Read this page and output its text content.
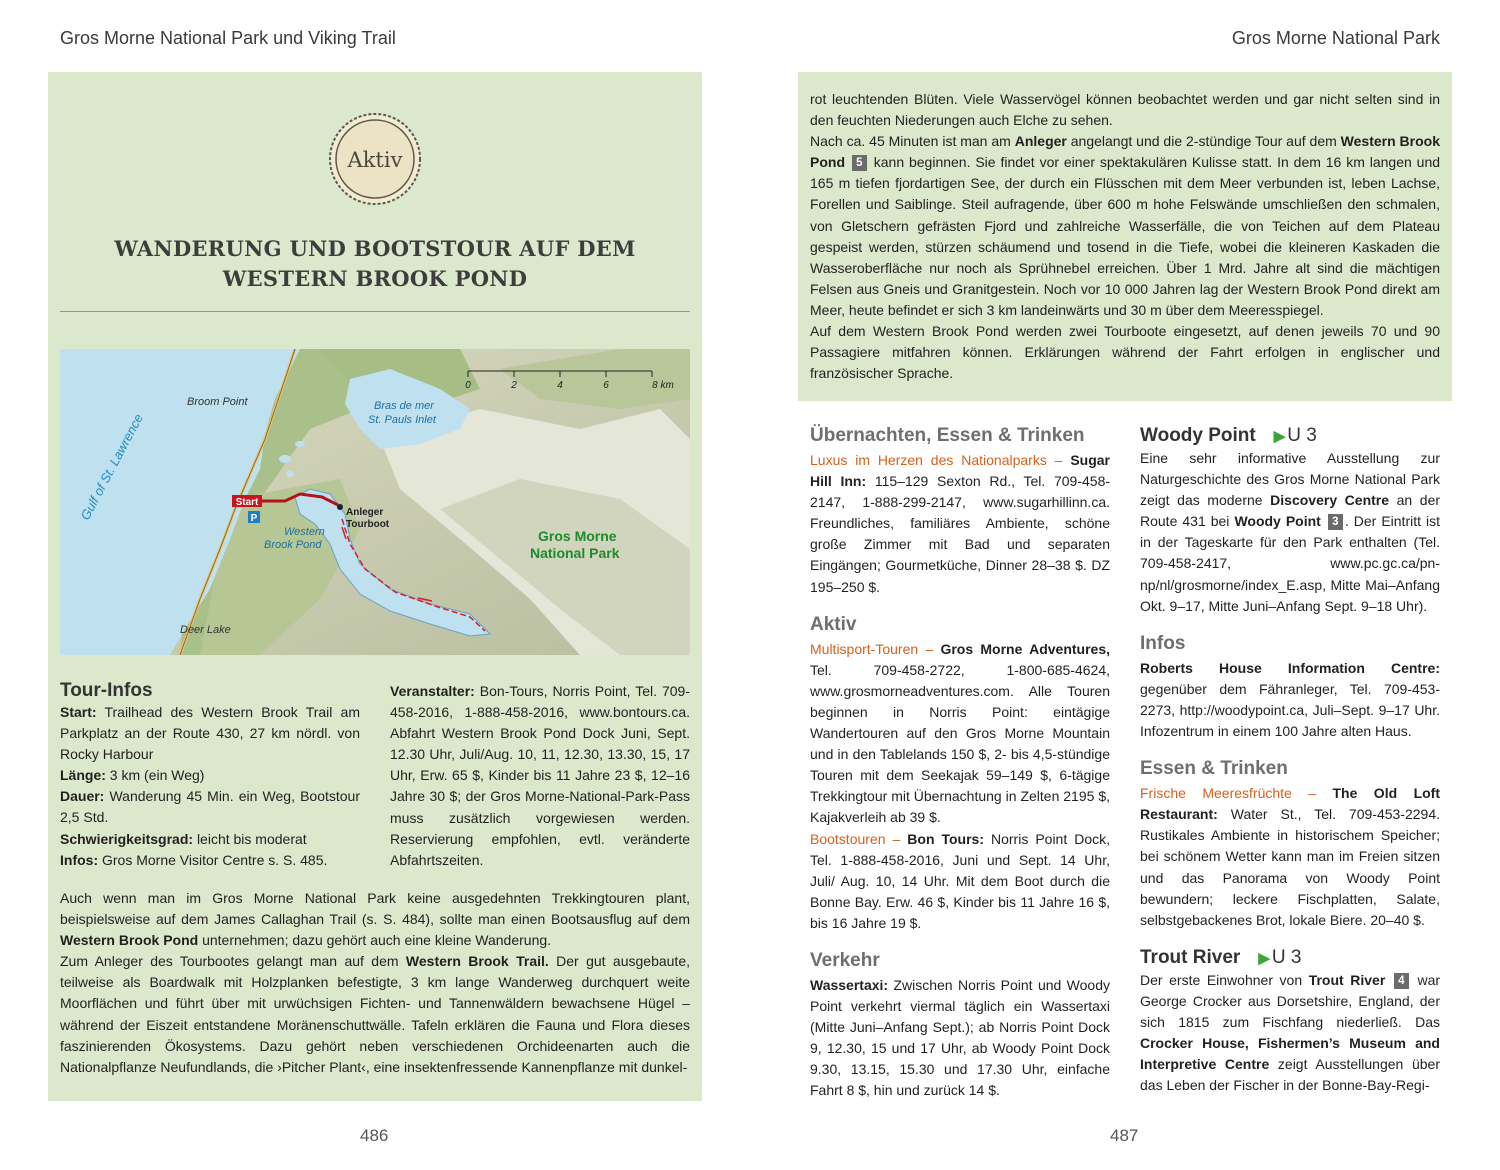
Gros Morne National Park und Viking Trail
Aktiv
WANDERUNG UND BOOTSTOUR AUF DEM
WESTERN BROOK POND
0	2	4	6	8 km
Broom Point
Gulf of St. Lawrence
Bras de mer
St. Pauls Inlet
Start
P
Anleger
Tourboot
Western
Brook Pond
Gros Morne
National Park
Deer Lake
Tour-Infos
Start: Trailhead des Western Brook Trail am Parkplatz an der Route 430, 27 km nördl. von Rocky Harbour
Länge: 3 km (ein Weg)
Dauer: Wanderung 45 Min. ein Weg, Bootstour 2,5 Std.
Schwierigkeitsgrad: leicht bis moderat
Infos: Gros Morne Visitor Centre s. S. 485.
Veranstalter: Bon-Tours, Norris Point, Tel. 709-458-2016, 1-888-458-2016, www.bontours.ca. Abfahrt Western Brook Pond Dock Juni, Sept. 12.30 Uhr, Juli/Aug. 10, 11, 12.30, 13.30, 15, 17 Uhr, Erw. 65 $, Kinder bis 11 Jahre 23 $, 12–16 Jahre 30 $; der Gros Morne-National-Park-Pass muss zusätzlich vorgewiesen werden. Reservierung empfohlen, evtl. veränderte Abfahrtszeiten.
Auch wenn man im Gros Morne National Park keine ausgedehnten Trekkingtouren plant, beispielsweise auf dem James Callaghan Trail (s. S. 484), sollte man einen Bootsausflug auf dem Western Brook Pond unternehmen; dazu gehört auch eine kleine Wanderung.
Zum Anleger des Tourbootes gelangt man auf dem Western Brook Trail. Der gut ausgebaute, teilweise als Boardwalk mit Holzplanken befestigte, 3 km lange Wanderweg durchquert weite Moorflächen und führt über mit urwüchsigen Fichten- und Tannenwäldern bewachsene Hügel – während der Eiszeit entstandene Moränenschuttwälle. Tafeln erklären die Fauna und Flora dieses faszinierenden Ökosystems. Dazu gehört neben verschiedenen Orchideenarten auch die Nationalpflanze Neufundlands, die ›Pitcher Plant‹, eine insektenfressende Kannenpflanze mit dunkel-
486
Gros Morne National Park
rot leuchtenden Blüten. Viele Wasservögel können beobachtet werden und gar nicht selten sind in den feuchten Niederungen auch Elche zu sehen.
Nach ca. 45 Minuten ist man am Anleger angelangt und die 2-stündige Tour auf dem Western Brook Pond 5 kann beginnen. Sie findet vor einer spektakulären Kulisse statt. In dem 16 km langen und 165 m tiefen fjordartigen See, der durch ein Flüsschen mit dem Meer verbunden ist, leben Lachse, Forellen und Saiblinge. Steil aufragende, über 600 m hohe Felswände umschließen den schmalen, von Gletschern gefrästen Fjord und zahlreiche Wasserfälle, die von Teichen auf dem Plateau gespeist werden, stürzen schäumend und tosend in die Tiefe, wobei die kleineren Kaskaden die Wasseroberfläche nur noch als Sprühnebel erreichen. Über 1 Mrd. Jahre alt sind die mächtigen Felsen aus Gneis und Granitgestein. Noch vor 10 000 Jahren lag der Western Brook Pond direkt am Meer, heute befindet er sich 3 km landeinwärts und 30 m über dem Meeresspiegel.
Auf dem Western Brook Pond werden zwei Tourboote eingesetzt, auf denen jeweils 70 und 90 Passagiere mitfahren können. Erklärungen während der Fahrt erfolgen in englischer und französischer Sprache.
Übernachten, Essen & Trinken
Luxus im Herzen des Nationalparks – Sugar Hill Inn: 115–129 Sexton Rd., Tel. 709-458-2147, 1-888-299-2147, www.sugarhillinn.ca. Freundliches, familiäres Ambiente, schöne große Zimmer mit Bad und separaten Eingängen; Gourmetküche, Dinner 28–38 $. DZ 195–250 $.
Aktiv
Multisport-Touren – Gros Morne Adventures, Tel. 709-458-2722, 1-800-685-4624, www.grosmorneadventures.com. Alle Touren beginnen in Norris Point: eintägige Wandertouren auf den Gros Morne Mountain und in den Tablelands 150 $, 2- bis 4,5-stündige Touren mit dem Seekajak 59–149 $, 6-tägige Trekkingtour mit Übernachtung in Zelten 2195 $, Kajakverleih ab 39 $.
Bootstouren – Bon Tours: Norris Point Dock, Tel. 1-888-458-2016, Juni und Sept. 14 Uhr, Juli/ Aug. 10, 14 Uhr. Mit dem Boot durch die Bonne Bay. Erw. 46 $, Kinder bis 11 Jahre 16 $, bis 16 Jahre 19 $.
Verkehr
Wassertaxi: Zwischen Norris Point und Woody Point verkehrt viermal täglich ein Wassertaxi (Mitte Juni–Anfang Sept.); ab Norris Point Dock 9, 12.30, 15 und 17 Uhr, ab Woody Point Dock 9.30, 13.15, 15.30 und 17.30 Uhr, einfache Fahrt 8 $, hin und zurück 14 $.
Woody Point ▶ U 3
Eine sehr informative Ausstellung zur Naturgeschichte des Gros Morne National Park zeigt das moderne Discovery Centre an der Route 431 bei Woody Point 3 . Der Eintritt ist in der Tageskarte für den Park enthalten (Tel. 709-458-2417, www.pc.gc.ca/pn-np/nl/grosmorne/index_E.asp, Mitte Mai–Anfang Okt. 9–17, Mitte Juni–Anfang Sept. 9–18 Uhr).
Infos
Roberts House Information Centre: gegenüber dem Fähranleger, Tel. 709-453-2273, http://woodypoint.ca, Juli–Sept. 9–17 Uhr. Infozentrum in einem 100 Jahre alten Haus.
Essen & Trinken
Frische Meeresfrüchte – The Old Loft Restaurant: Water St., Tel. 709-453-2294. Rustikales Ambiente in historischem Speicher; bei schönem Wetter kann man im Freien sitzen und das Panorama von Woody Point bewundern; leckere Fischplatten, Salate, selbstgebackenes Brot, lokale Biere. 20–40 $.
Trout River ▶ U 3
Der erste Einwohner von Trout River 4 war George Crocker aus Dorsetshire, England, der sich 1815 zum Fischfang niederließ. Das Crocker House, Fishermen’s Museum and Interpretive Centre zeigt Ausstellungen über das Leben der Fischer in der Bonne-Bay-Regi-
487
